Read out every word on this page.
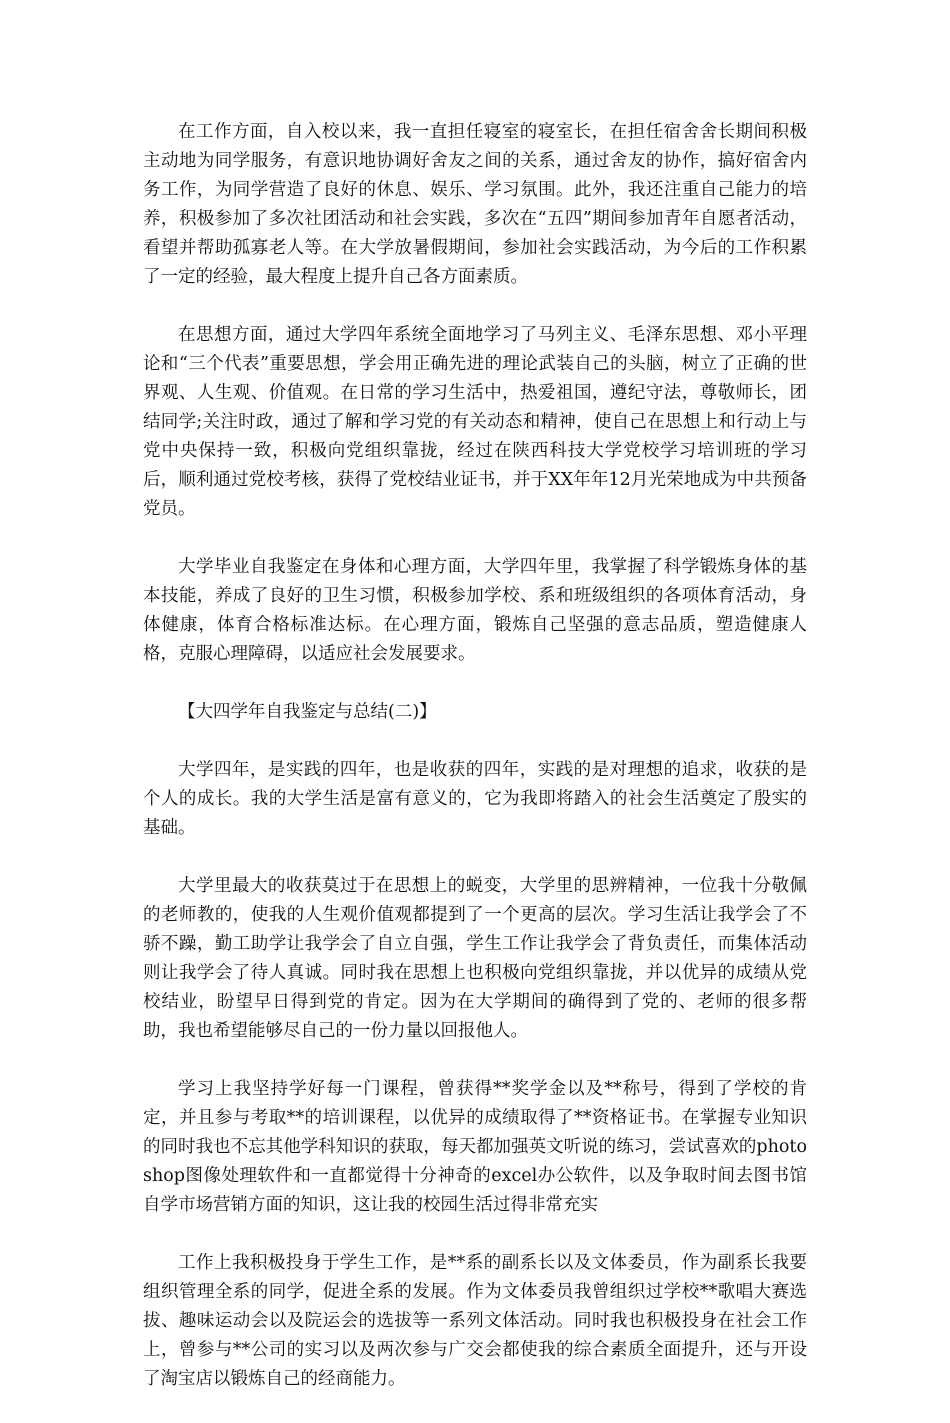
在工作方面，自入校以来，我一直担任寝室的寝室长，在担任宿舍舍长期间积极主动地为同学服务，有意识地协调好舍友之间的关系，通过舍友的协作，搞好宿舍内务工作，为同学营造了良好的休息、娱乐、学习氛围。此外，我还注重自己能力的培养，积极参加了多次社团活动和社会实践，多次在“五四”期间参加青年自愿者活动，看望并帮助孤寡老人等。在大学放暑假期间，参加社会实践活动，为今后的工作积累了一定的经验，最大程度上提升自己各方面素质。

在思想方面，通过大学四年系统全面地学习了马列主义、毛泽东思想、邓小平理论和“三个代表”重要思想，学会用正确先进的理论武装自己的头脑，树立了正确的世界观、人生观、价值观。在日常的学习生活中，热爱祖国，遵纪守法，尊敬师长，团结同学;关注时政，通过了解和学习党的有关动态和精神，使自己在思想上和行动上与党中央保持一致，积极向党组织靠拢，经过在陕西科技大学党校学习培训班的学习后，顺利通过党校考核，获得了党校结业证书，并于XX年年12月光荣地成为中共预备党员。

大学毕业自我鉴定在身体和心理方面，大学四年里，我掌握了科学锻炼身体的基本技能，养成了良好的卫生习惯，积极参加学校、系和班级组织的各项体育活动，身体健康，体育合格标准达标。在心理方面，锻炼自己坚强的意志品质，塑造健康人格，克服心理障碍，以适应社会发展要求。

【大四学年自我鉴定与总结(二)】

大学四年，是实践的四年，也是收获的四年，实践的是对理想的追求，收获的是个人的成长。我的大学生活是富有意义的，它为我即将踏入的社会生活奠定了殷实的基础。

大学里最大的收获莫过于在思想上的蜕变，大学里的思辨精神，一位我十分敬佩的老师教的，使我的人生观价值观都提到了一个更高的层次。学习生活让我学会了不骄不躁，勤工助学让我学会了自立自强，学生工作让我学会了背负责任，而集体活动则让我学会了待人真诚。同时我在思想上也积极向党组织靠拢，并以优异的成绩从党校结业，盼望早日得到党的肯定。因为在大学期间的确得到了党的、老师的很多帮助，我也希望能够尽自己的一份力量以回报他人。

学习上我坚持学好每一门课程，曾获得**奖学金以及**称号，得到了学校的肯定，并且参与考取**的培训课程，以优异的成绩取得了**资格证书。在掌握专业知识的同时我也不忘其他学科知识的获取，每天都加强英文听说的练习，尝试喜欢的photoshop图像处理软件和一直都觉得十分神奇的excel办公软件，以及争取时间去图书馆自学市场营销方面的知识，这让我的校园生活过得非常充实

工作上我积极投身于学生工作，是**系的副系长以及文体委员，作为副系长我要组织管理全系的同学，促进全系的发展。作为文体委员我曾组织过学校**歌唱大赛选拔、趣味运动会以及院运会的选拔等一系列文体活动。同时我也积极投身在社会工作上，曾参与**公司的实习以及两次参与广交会都使我的综合素质全面提升，还与开设了淘宝店以锻炼自己的经商能力。
